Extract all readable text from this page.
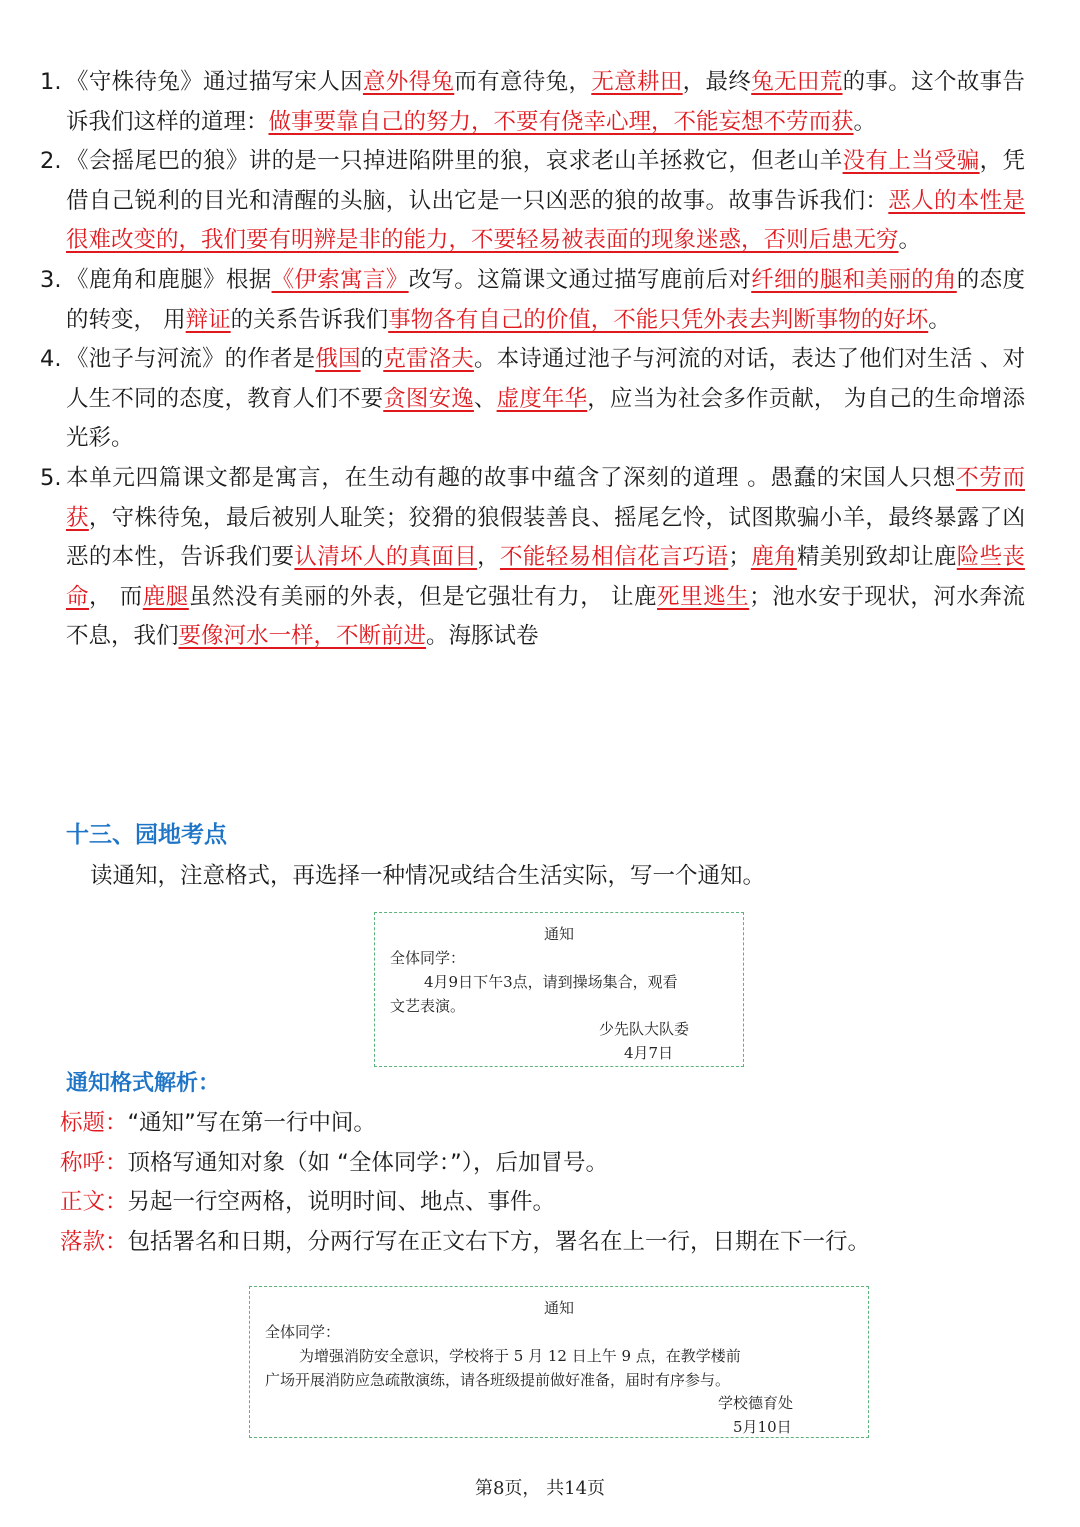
1. 《守株待兔》通过描写宋人因意外得兔而有意待兔，无意耕田，最终兔无田荒的事。这个故事告诉我们这样的道理：做事要靠自己的努力，不要有侥幸心理，不能妄想不劳而获。
2. 《会摇尾巴的狼》讲的是一只掉进陷阱里的狼，哀求老山羊拯救它，但老山羊没有上当受骗，凭借自己锐利的目光和清醒的头脑，认出它是一只凶恶的狼的故事。故事告诉我们：恶人的本性是很难改变的，我们要有明辨是非的能力，不要轻易被表面的现象迷惑，否则后患无穷。
3. 《鹿角和鹿腿》根据《伊索寓言》改写。这篇课文通过描写鹿前后对纤细的腿和美丽的角的态度的转变， 用辩证的关系告诉我们事物各有自己的价值，不能只凭外表去判断事物的好坏。
4. 《池子与河流》的作者是俄国的克雷洛夫。本诗通过池子与河流的对话，表达了他们对生活 、对人生不同的态度，教育人们不要贪图安逸、虚度年华，应当为社会多作贡献， 为自己的生命增添光彩。
5. 本单元四篇课文都是寓言，在生动有趣的故事中蕴含了深刻的道理 。愚蠢的宋国人只想不劳而获，守株待兔，最后被别人耻笑；狡猾的狼假装善良、摇尾乞怜，试图欺骗小羊，最终暴露了凶恶的本性，告诉我们要认清坏人的真面目，不能轻易相信花言巧语；鹿角精美别致却让鹿险些丧命， 而鹿腿虽然没有美丽的外表，但是它强壮有力， 让鹿死里逃生；池水安于现状，河水奔流不息，我们要像河水一样，不断前进。海豚试卷
十三、园地考点
读通知，注意格式，再选择一种情况或结合生活实际，写一个通知。
通知
全体同学：
4月9日下午3点，请到操场集合，观看
文艺表演。
少先队大队委
4月7日
通知格式解析：
标题：“通知”写在第一行中间。
称呼：顶格写通知对象（如 “全体同学：”），后加冒号。
正文：另起一行空两格，说明时间、地点、事件。
落款：包括署名和日期，分两行写在正文右下方，署名在上一行，日期在下一行。
通知
全体同学：
为增强消防安全意识，学校将于 5 月 12 日上午 9 点，在教学楼前
广场开展消防应急疏散演练，请各班级提前做好准备，届时有序参与。
学校德育处
5月10日
第8页， 共14页
